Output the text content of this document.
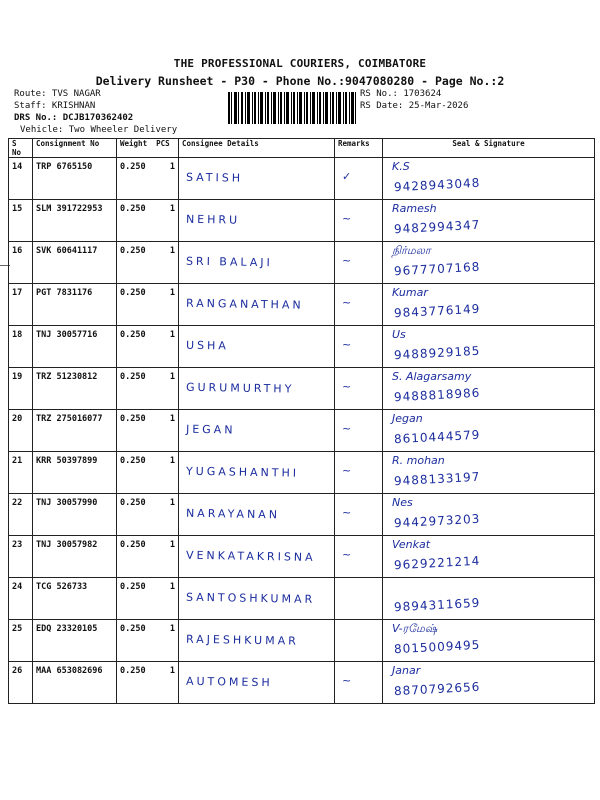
THE PROFESSIONAL COURIERS, COIMBATORE
Delivery Runsheet - P30 - Phone No.:9047080280 - Page No.:2
Route: TVS NAGAR
Staff: KRISHNAN
DRS No.: DCJB170362402
Vehicle: Two Wheeler Delivery
RS No.: 1703624
RS Date: 25-Mar-2026
S No	Consignment No	Weight PCS	Consignee Details	Remarks	Seal & Signature

14	TRP 6765150	0.250 1	SATISH	✓	K.S
9428943048

15	SLM 391722953	0.250 1	NEHRU	~	Ramesh
9482994347

16	SVK 60641117	0.250 1	SRI BALAJI	~	நிர்மலா
9677707168

17	PGT 7831176	0.250 1	RANGANATHAN	~	Kumar
9843776149

18	TNJ 30057716	0.250 1	USHA	~	Us
9488929185

19	TRZ 51230812	0.250 1	GURUMURTHY	~	S. Alagarsamy
9488818986

20	TRZ 275016077	0.250 1	JEGAN	~	Jegan
8610444579

21	KRR 50397899	0.250 1	YUGASHANTHI	~	R. mohan
9488133197

22	TNJ 30057990	0.250 1	NARAYANAN	~	Nes
9442973203

23	TNJ 30057982	0.250 1	VENKATAKRISNA	~	Venkat
9629221214

24	TCG 526733	0.250 1	SANTOSHKUMAR		9894311659

25	EDQ 23320105	0.250 1	RAJESHKUMAR		V-ரமேஷ்
8015009495

26	MAA 653082696	0.250 1	AUTOMESH	~	Janar
8870792656
